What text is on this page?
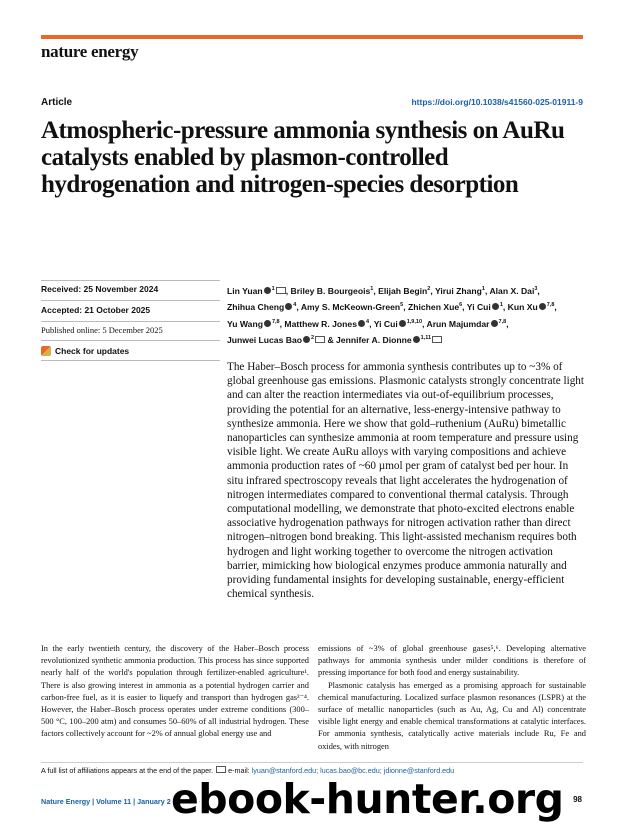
nature energy
Article	https://doi.org/10.1038/s41560-025-01911-9
Atmospheric-pressure ammonia synthesis on AuRu catalysts enabled by plasmon-controlled hydrogenation and nitrogen-species desorption
Received: 25 November 2024
Accepted: 21 October 2025
Published online: 5 December 2025
Check for updates
Lin Yuan $^1$ , Briley B. Bourgeois$^1$, Elijah Begin$^2$, Yirui Zhang$^1$, Alan X. Dai$^3$, Zhihua Cheng $^4$, Amy S. McKeown-Green$^5$, Zhichen Xue$^6$, Yi Cui $^1$, Kun Xu $^{7,8}$, Yu Wang $^{7,8}$, Matthew R. Jones $^4$, Yi Cui $^{1,9,10}$, Arun Majumdar $^{7,8}$, Junwei Lucas Bao $^2$ & Jennifer A. Dionne $^{1,11}$

The Haber–Bosch process for ammonia synthesis contributes up to ~3% of global greenhouse gas emissions. Plasmonic catalysts strongly concentrate light and can alter the reaction intermediates via out-of-equilibrium processes, providing the potential for an alternative, less-energy-intensive pathway to synthesize ammonia. Here we show that gold–ruthenium (AuRu) bimetallic nanoparticles can synthesize ammonia at room temperature and pressure using visible light. We create AuRu alloys with varying compositions and achieve ammonia production rates of ~60 µmol per gram of catalyst bed per hour. In situ infrared spectroscopy reveals that light accelerates the hydrogenation of nitrogen intermediates compared to conventional thermal catalysis. Through computational modelling, we demonstrate that photo-excited electrons enable associative hydrogenation pathways for nitrogen activation rather than direct nitrogen–nitrogen bond breaking. This light-assisted mechanism requires both hydrogen and light working together to overcome the nitrogen activation barrier, mimicking how biological enzymes produce ammonia naturally and providing fundamental insights for developing sustainable, energy-efficient chemical synthesis.

In the early twentieth century, the discovery of the Haber–Bosch process revolutionized synthetic ammonia production. This process has since supported nearly half of the world's population through fertilizer-enabled agriculture¹. There is also growing interest in ammonia as a potential hydrogen carrier and carbon-free fuel, as it is easier to liquefy and transport than hydrogen gas²⁻⁴. However, the Haber–Bosch process operates under extreme conditions (300–500 °C, 100–200 atm) and consumes 50–60% of all industrial hydrogen. These factors collectively account for ~2% of annual global energy use and

emissions of ~3% of global greenhouse gases⁵,⁶. Developing alternative pathways for ammonia synthesis under milder conditions is therefore of pressing importance for both food and energy sustainability.

Plasmonic catalysis has emerged as a promising approach for sustainable chemical manufacturing. Localized surface plasmon resonances (LSPR) at the surface of metallic nanoparticles (such as Au, Ag, Cu and Al) concentrate visible light energy and enable chemical transformations at catalytic interfaces. For ammonia synthesis, catalytically active materials include Ru, Fe and oxides, with nitrogen

A full list of affiliations appears at the end of the paper. e-mail: lyuan@stanford.edu; lucas.bao@bc.edu; jdionne@stanford.edu
Nature Energy | Volume 11 | January 2026 | 88–	98
ebook-hunter.org
